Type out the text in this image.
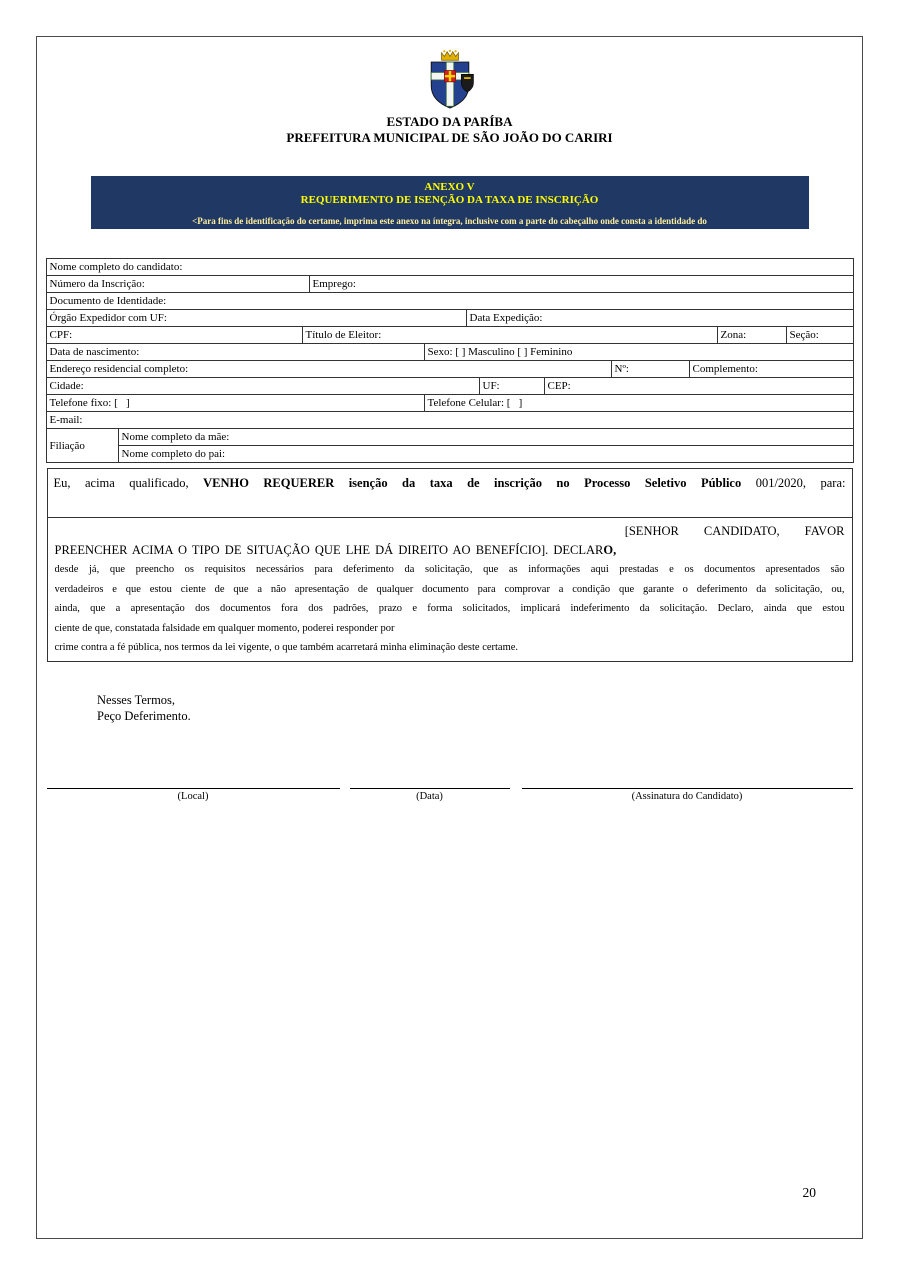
ESTADO DA PARÍBA
PREFEITURA MUNICIPAL DE SÃO JOÃO DO CARIRI
ANEXO V
REQUERIMENTO DE ISENÇÃO DA TAXA DE INSCRIÇÃO
<Para fins de identificação do certame, imprima este anexo na íntegra, inclusive com a parte do cabeçalho onde consta a identidade do
Nome completo do candidato:
Número da Inscrição:	Emprego:
Documento de Identidade:
Órgão Expedidor com UF:	Data Expedição:
CPF:	Título de Eleitor:	Zona:	Seção:
Data de nascimento:	Sexo: [ ] Masculino [ ] Feminino
Endereço residencial completo:	Nº:	Complemento:
Cidade:	UF:	CEP:
Telefone fixo: [   ]	Telefone Celular: [   ]
E-mail:
Filiação
Nome completo da mãe:
Nome completo do pai:
Eu, acima qualificado, VENHO REQUERER isenção da taxa de inscrição no Processo Seletivo Público 001/2020, para:
[SENHOR        CANDIDATO,        FAVOR
PREENCHER ACIMA O TIPO DE SITUAÇÃO QUE LHE DÁ DIREITO AO BENEFÍCIO]. DECLARO,
desde já, que preencho os requisitos necessários para deferimento da solicitação, que as informações aqui prestadas e os documentos apresentados são
verdadeiros e que estou ciente de que a não apresentação de qualquer documento para comprovar a condição que garante o deferimento da solicitação, ou,
ainda, que a apresentação dos documentos fora dos padrões, prazo e forma solicitados, implicará indeferimento da solicitação. Declaro, ainda que estou
ciente de que, constatada falsidade em qualquer momento, poderei responder por
crime contra a fé pública, nos termos da lei vigente, o que também acarretará minha eliminação deste certame.
Nesses Termos,
Peço Deferimento.
(Local)	(Data)	(Assinatura do Candidato)
20
